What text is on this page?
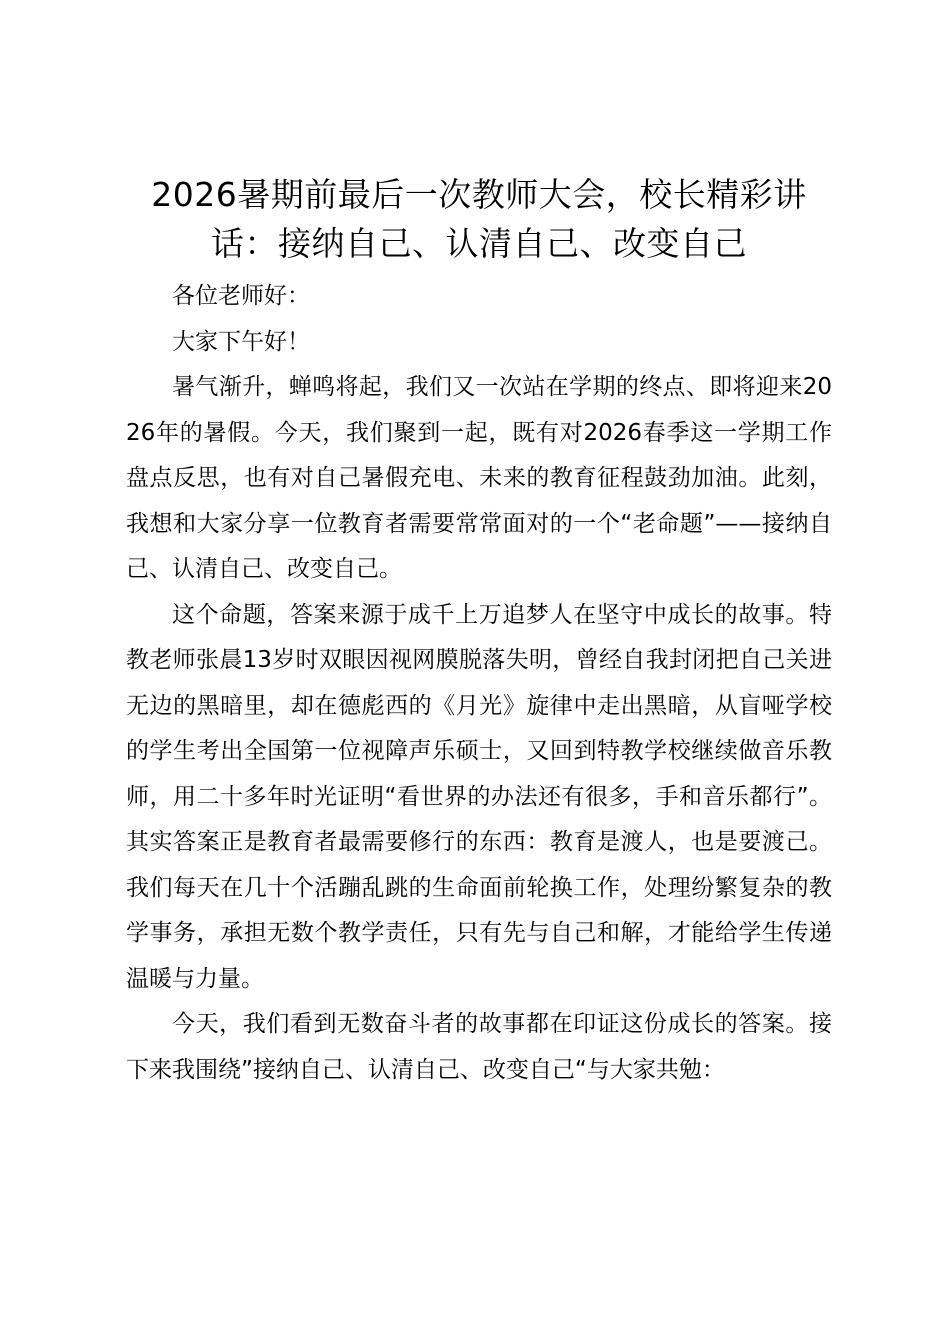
2026暑期前最后一次教师大会，校长精彩讲话：接纳自己、认清自己、改变自己

各位老师好：

大家下午好！

暑气渐升，蝉鸣将起，我们又一次站在学期的终点、即将迎来2026年的暑假。今天，我们聚到一起，既有对2026春季这一学期工作盘点反思，也有对自己暑假充电、未来的教育征程鼓劲加油。此刻，我想和大家分享一位教育者需要常常面对的一个“老命题”——接纳自己、认清自己、改变自己。

这个命题，答案来源于成千上万追梦人在坚守中成长的故事。特教老师张晨13岁时双眼因视网膜脱落失明，曾经自我封闭把自己关进无边的黑暗里，却在德彪西的《月光》旋律中走出黑暗，从盲哑学校的学生考出全国第一位视障声乐硕士，又回到特教学校继续做音乐教师，用二十多年时光证明“看世界的办法还有很多，手和音乐都行”。其实答案正是教育者最需要修行的东西：教育是渡人，也是要渡己。我们每天在几十个活蹦乱跳的生命面前轮换工作，处理纷繁复杂的教学事务，承担无数个教学责任，只有先与自己和解，才能给学生传递温暖与力量。

今天，我们看到无数奋斗者的故事都在印证这份成长的答案。接下来我围绕”接纳自己、认清自己、改变自己“与大家共勉：
